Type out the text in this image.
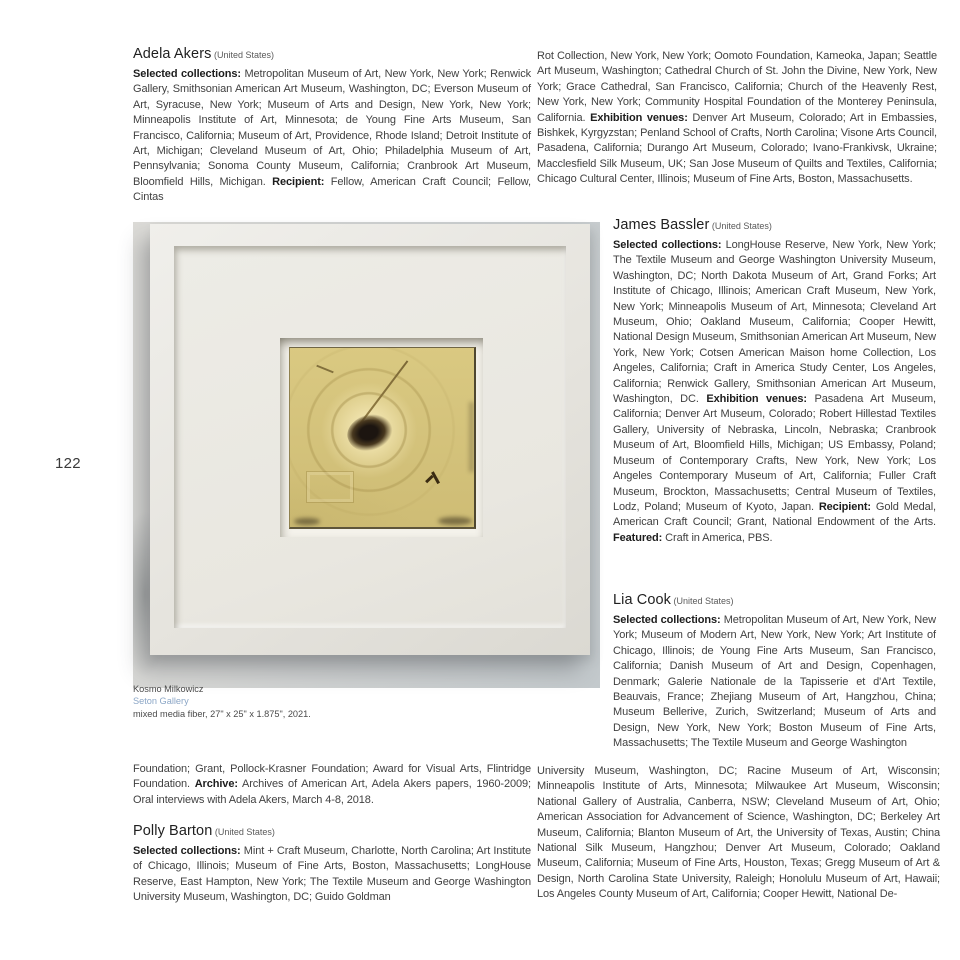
122
Adela Akers (United States)

Selected collections: Metropolitan Museum of Art, New York, New York; Renwick Gallery, Smithsonian American Art Museum, Washington, DC; Everson Museum of Art, Syracuse, New York; Museum of Arts and Design, New York, New York; Minneapolis Institute of Art, Minnesota; de Young Fine Arts Museum, San Francisco, California; Museum of Art, Providence, Rhode Island; Detroit Institute of Art, Michigan; Cleveland Museum of Art, Ohio; Philadelphia Museum of Art, Pennsylvania; Sonoma County Museum, California; Cranbrook Art Museum, Bloomfield Hills, Michigan. Recipient: Fellow, American Craft Council; Fellow, Cintas

Rot Collection, New York, New York; Oomoto Foundation, Kameoka, Japan; Seattle Art Museum, Washington; Cathedral Church of St. John the Divine, New York, New York; Grace Cathedral, San Francisco, California; Church of the Heavenly Rest, New York, New York; Community Hospital Foundation of the Monterey Peninsula, California. Exhibition venues: Denver Art Museum, Colorado; Art in Embassies, Bishkek, Kyrgyzstan; Penland School of Crafts, North Carolina; Visone Arts Council, Pasadena, California; Durango Art Museum, Colorado; Ivano-Frankivsk, Ukraine; Macclesfield Silk Museum, UK; San Jose Museum of Quilts and Textiles, California; Chicago Cultural Center, Illinois; Museum of Fine Arts, Boston, Massachusetts.

Kosmo Milkowicz
Seton Gallery
mixed media fiber, 27" x 25" x 1.875", 2021.

Foundation; Grant, Pollock-Krasner Foundation; Award for Visual Arts, Flintridge Foundation. Archive: Archives of American Art, Adela Akers papers, 1960-2009; Oral interviews with Adela Akers, March 4-8, 2018.

Polly Barton (United States)

Selected collections: Mint + Craft Museum, Charlotte, North Carolina; Art Institute of Chicago, Illinois; Museum of Fine Arts, Boston, Massachusetts; LongHouse Reserve, East Hampton, New York; The Textile Museum and George Washington University Museum, Washington, DC; Guido Goldman

James Bassler (United States)

Selected collections: LongHouse Reserve, New York, New York; The Textile Museum and George Washington University Museum, Washington, DC; North Dakota Museum of Art, Grand Forks; Art Institute of Chicago, Illinois; American Craft Museum, New York, New York; Minneapolis Museum of Art, Minnesota; Cleveland Art Museum, Ohio; Oakland Museum, California; Cooper Hewitt, National Design Museum, Smithsonian American Art Museum, New York, New York; Cotsen American Maison home Collection, Los Angeles, California; Craft in America Study Center, Los Angeles, California; Renwick Gallery, Smithsonian American Art Museum, Washington, DC. Exhibition venues: Pasadena Art Museum, California; Denver Art Museum, Colorado; Robert Hillestad Textiles Gallery, University of Nebraska, Lincoln, Nebraska; Cranbrook Museum of Art, Bloomfield Hills, Michigan; US Embassy, Poland; Museum of Contemporary Crafts, New York, New York; Los Angeles Contemporary Museum of Art, California; Fuller Craft Museum, Brockton, Massachusetts; Central Museum of Textiles, Lodz, Poland; Museum of Kyoto, Japan. Recipient: Gold Medal, American Craft Council; Grant, National Endowment of the Arts. Featured: Craft in America, PBS.

Lia Cook (United States)

Selected collections: Metropolitan Museum of Art, New York, New York; Museum of Modern Art, New York, New York; Art Institute of Chicago, Illinois; de Young Fine Arts Museum, San Francisco, California; Danish Museum of Art and Design, Copenhagen, Denmark; Galerie Nationale de la Tapisserie et d'Art Textile, Beauvais, France; Zhejiang Museum of Art, Hangzhou, China; Museum Bellerive, Zurich, Switzerland; Museum of Arts and Design, New York, New York; Boston Museum of Fine Arts, Massachusetts; The Textile Museum and George Washington

University Museum, Washington, DC; Racine Museum of Art, Wisconsin; Minneapolis Institute of Arts, Minnesota; Milwaukee Art Museum, Wisconsin; National Gallery of Australia, Canberra, NSW; Cleveland Museum of Art, Ohio; American Association for Advancement of Science, Washington, DC; Berkeley Art Museum, California; Blanton Museum of Art, the University of Texas, Austin; China National Silk Museum, Hangzhou; Denver Art Museum, Colorado; Oakland Museum, California; Museum of Fine Arts, Houston, Texas; Gregg Museum of Art & Design, North Carolina State University, Raleigh; Honolulu Museum of Art, Hawaii; Los Angeles County Museum of Art, California; Cooper Hewitt, National De-
